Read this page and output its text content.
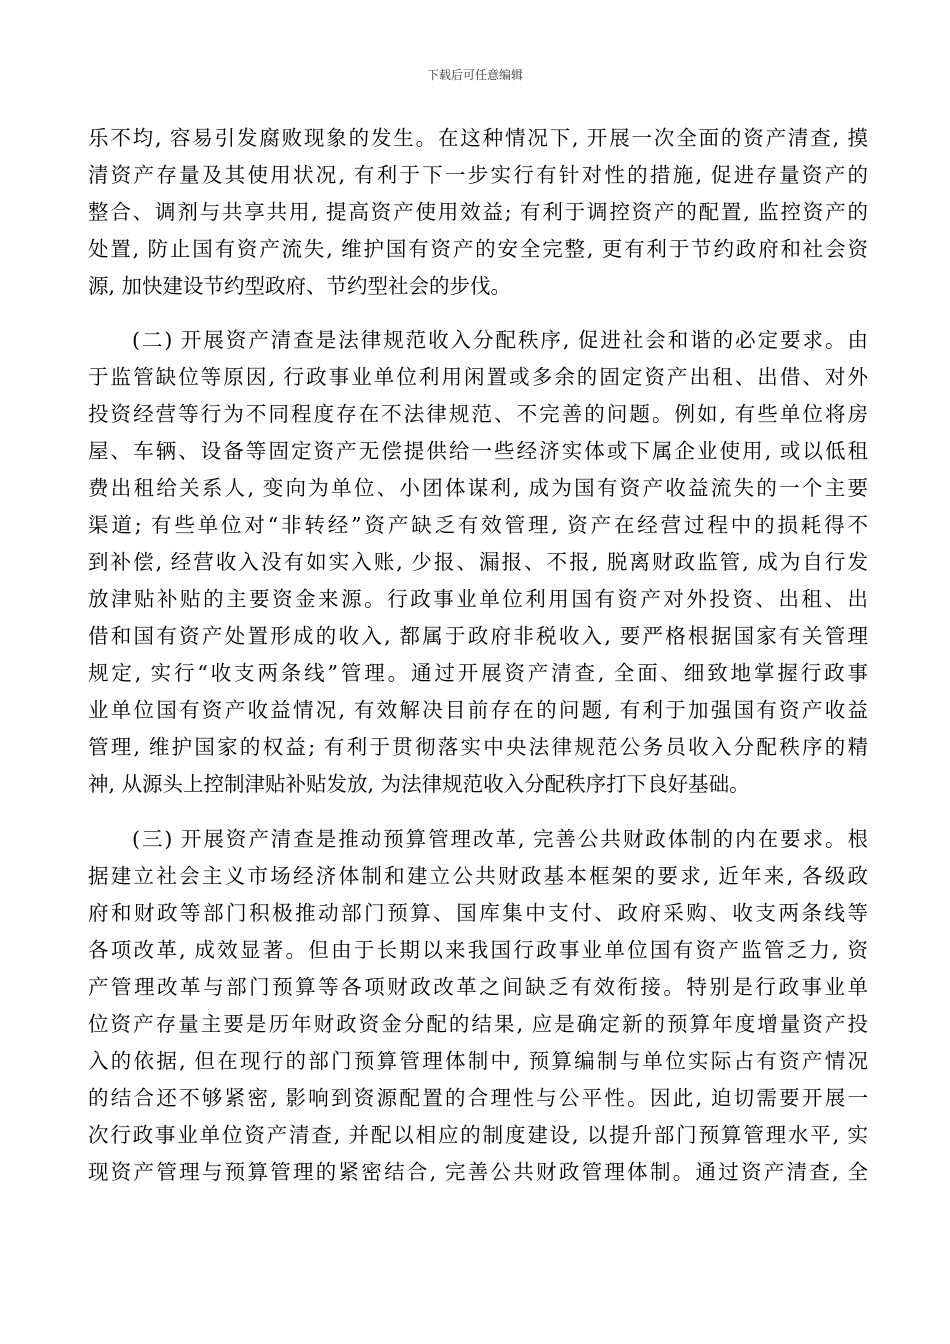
下载后可任意编辑
乐不均, 容易引发腐败现象的发生。在这种情况下, 开展一次全面的资产清查, 摸
清资产存量及其使用状况, 有利于下一步实行有针对性的措施, 促进存量资产的
整合、调剂与共享共用, 提高资产使用效益; 有利于调控资产的配置, 监控资产的
处置, 防止国有资产流失, 维护国有资产的安全完整, 更有利于节约政府和社会资
源, 加快建设节约型政府、节约型社会的步伐。
(二) 开展资产清查是法律规范收入分配秩序, 促进社会和谐的必定要求。由
于监管缺位等原因, 行政事业单位利用闲置或多余的固定资产出租、出借、对外
投资经营等行为不同程度存在不法律规范、不完善的问题。例如, 有些单位将房
屋、车辆、设备等固定资产无偿提供给一些经济实体或下属企业使用, 或以低租
费出租给关系人, 变向为单位、小团体谋利, 成为国有资产收益流失的一个主要
渠道; 有些单位对“非转经”资产缺乏有效管理, 资产在经营过程中的损耗得不
到补偿, 经营收入没有如实入账, 少报、漏报、不报, 脱离财政监管, 成为自行发
放津贴补贴的主要资金来源。行政事业单位利用国有资产对外投资、出租、出
借和国有资产处置形成的收入, 都属于政府非税收入, 要严格根据国家有关管理
规定, 实行“收支两条线”管理。通过开展资产清查, 全面、细致地掌握行政事
业单位国有资产收益情况, 有效解决目前存在的问题, 有利于加强国有资产收益
管理, 维护国家的权益; 有利于贯彻落实中央法律规范公务员收入分配秩序的精
神, 从源头上控制津贴补贴发放, 为法律规范收入分配秩序打下良好基础。
(三) 开展资产清查是推动预算管理改革, 完善公共财政体制的内在要求。根
据建立社会主义市场经济体制和建立公共财政基本框架的要求, 近年来, 各级政
府和财政等部门积极推动部门预算、国库集中支付、政府采购、收支两条线等
各项改革, 成效显著。但由于长期以来我国行政事业单位国有资产监管乏力, 资
产管理改革与部门预算等各项财政改革之间缺乏有效衔接。特别是行政事业单
位资产存量主要是历年财政资金分配的结果, 应是确定新的预算年度增量资产投
入的依据, 但在现行的部门预算管理体制中, 预算编制与单位实际占有资产情况
的结合还不够紧密, 影响到资源配置的合理性与公平性。因此, 迫切需要开展一
次行政事业单位资产清查, 并配以相应的制度建设, 以提升部门预算管理水平, 实
现资产管理与预算管理的紧密结合, 完善公共财政管理体制。通过资产清查, 全
